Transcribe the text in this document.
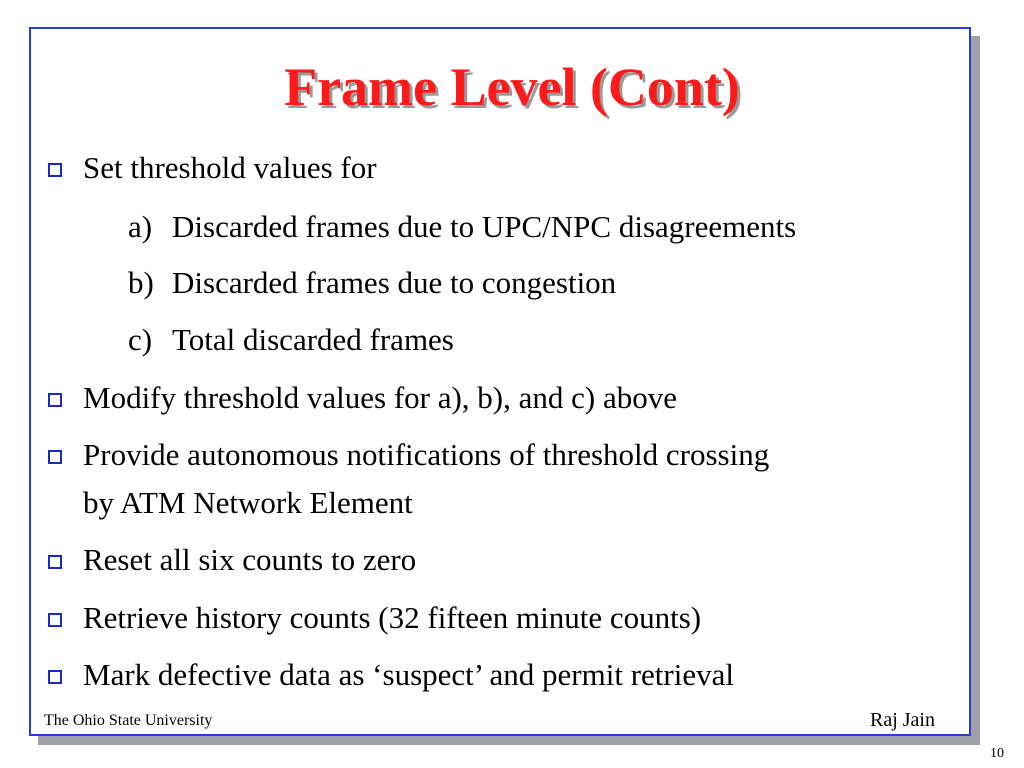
Frame Level (Cont)
Set threshold values for
a) Discarded frames due to UPC/NPC disagreements
b) Discarded frames due to congestion
c) Total discarded frames
Modify threshold values for a), b), and c) above
Provide autonomous notifications of threshold crossing
by ATM Network Element
Reset all six counts to zero
Retrieve history counts (32 fifteen minute counts)
Mark defective data as ‘suspect’ and permit retrieval
The Ohio State University	Raj Jain
10
